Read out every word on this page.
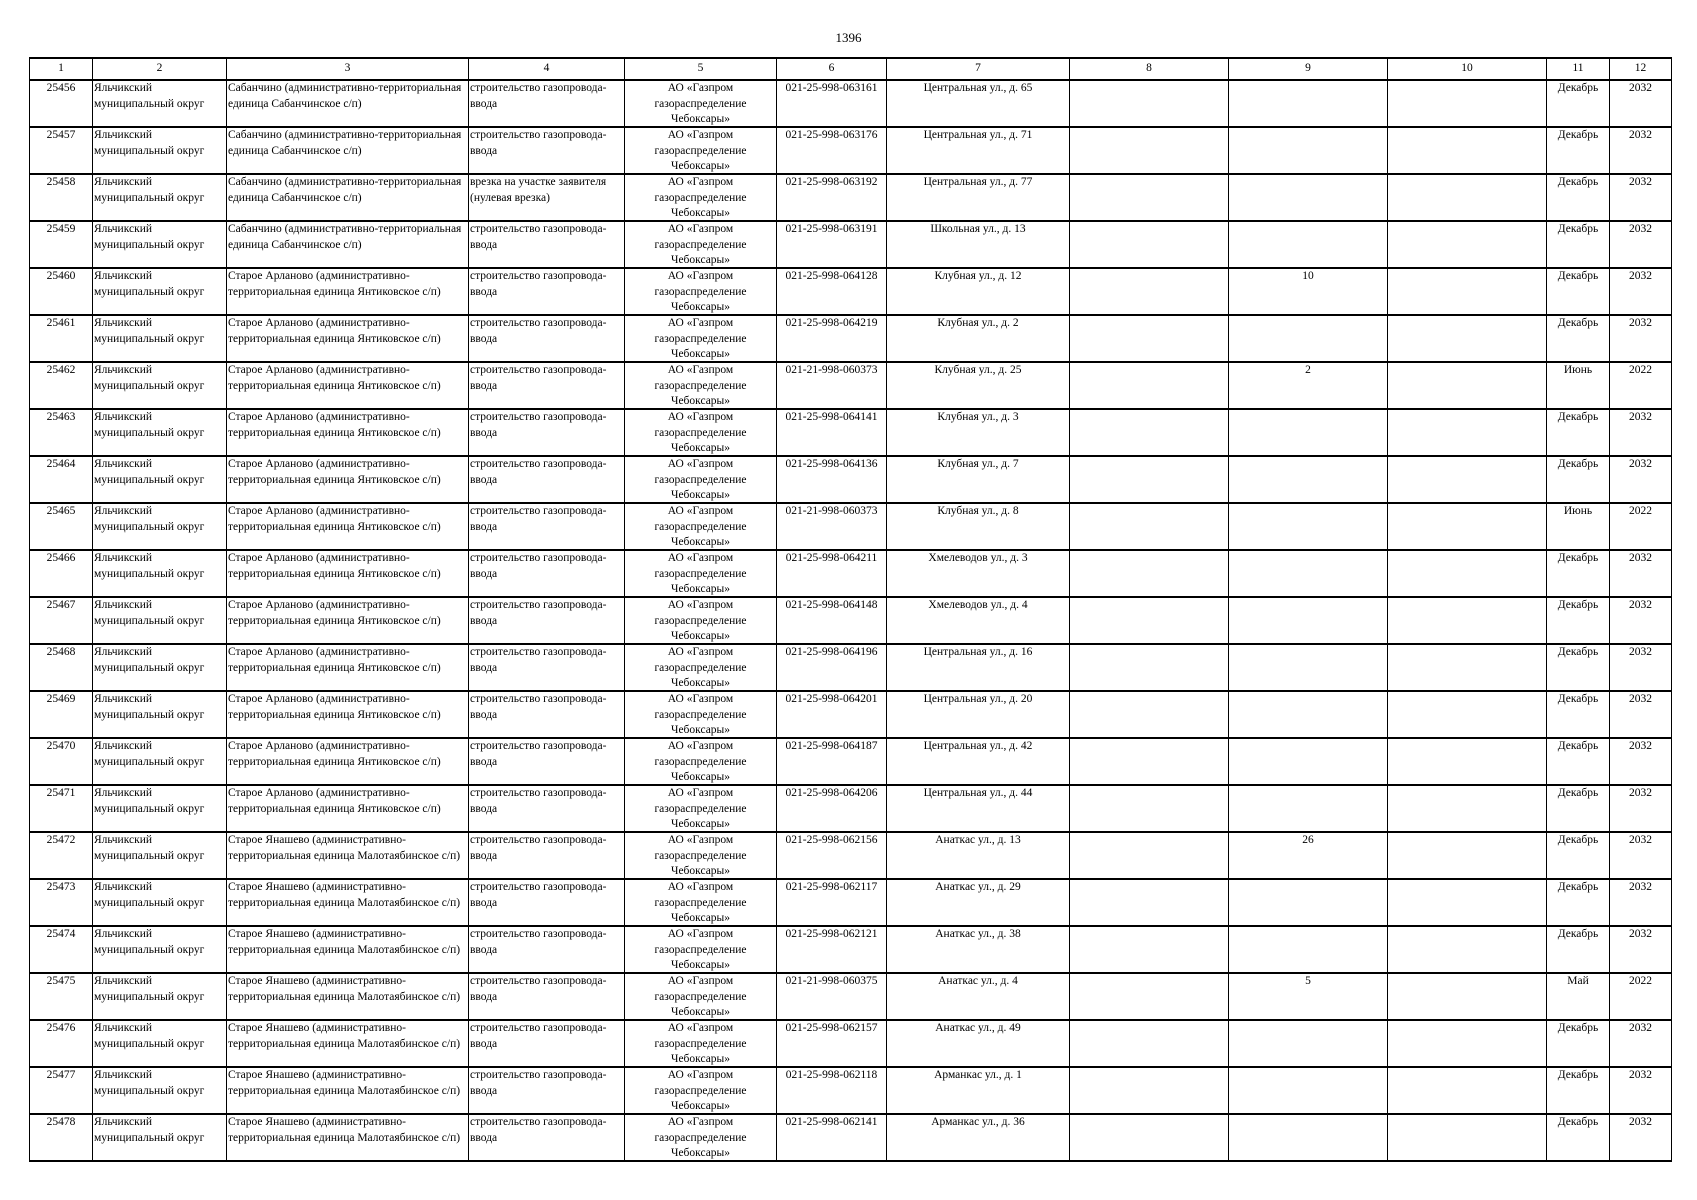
1396
1	2	3	4	5	6	7	8	9	10	11	12

25456	Яльчикский муниципальный округ	Сабанчино (административно-территориальная единица Сабанчинское с/п)	строительство газопровода-ввода	АО «Газпром газораспределение Чебоксары»	021-25-998-063161	Центральная ул., д. 65				Декабрь	2032

25457	Яльчикский муниципальный округ	Сабанчино (административно-территориальная единица Сабанчинское с/п)	строительство газопровода-ввода	АО «Газпром газораспределение Чебоксары»	021-25-998-063176	Центральная ул., д. 71				Декабрь	2032

25458	Яльчикский муниципальный округ	Сабанчино (административно-территориальная единица Сабанчинское с/п)	врезка на участке заявителя (нулевая врезка)	АО «Газпром газораспределение Чебоксары»	021-25-998-063192	Центральная ул., д. 77				Декабрь	2032

25459	Яльчикский муниципальный округ	Сабанчино (административно-территориальная единица Сабанчинское с/п)	строительство газопровода-ввода	АО «Газпром газораспределение Чебоксары»	021-25-998-063191	Школьная ул., д. 13				Декабрь	2032

25460	Яльчикский муниципальный округ	Старое Арланово (административно-территориальная единица Янтиковское с/п)	строительство газопровода-ввода	АО «Газпром газораспределение Чебоксары»	021-25-998-064128	Клубная ул., д. 12		10		Декабрь	2032

25461	Яльчикский муниципальный округ	Старое Арланово (административно-территориальная единица Янтиковское с/п)	строительство газопровода-ввода	АО «Газпром газораспределение Чебоксары»	021-25-998-064219	Клубная ул., д. 2				Декабрь	2032

25462	Яльчикский муниципальный округ	Старое Арланово (административно-территориальная единица Янтиковское с/п)	строительство газопровода-ввода	АО «Газпром газораспределение Чебоксары»	021-21-998-060373	Клубная ул., д. 25		2		Июнь	2022

25463	Яльчикский муниципальный округ	Старое Арланово (административно-территориальная единица Янтиковское с/п)	строительство газопровода-ввода	АО «Газпром газораспределение Чебоксары»	021-25-998-064141	Клубная ул., д. 3				Декабрь	2032

25464	Яльчикский муниципальный округ	Старое Арланово (административно-территориальная единица Янтиковское с/п)	строительство газопровода-ввода	АО «Газпром газораспределение Чебоксары»	021-25-998-064136	Клубная ул., д. 7				Декабрь	2032

25465	Яльчикский муниципальный округ	Старое Арланово (административно-территориальная единица Янтиковское с/п)	строительство газопровода-ввода	АО «Газпром газораспределение Чебоксары»	021-21-998-060373	Клубная ул., д. 8				Июнь	2022

25466	Яльчикский муниципальный округ	Старое Арланово (административно-территориальная единица Янтиковское с/п)	строительство газопровода-ввода	АО «Газпром газораспределение Чебоксары»	021-25-998-064211	Хмелеводов ул., д. 3				Декабрь	2032

25467	Яльчикский муниципальный округ	Старое Арланово (административно-территориальная единица Янтиковское с/п)	строительство газопровода-ввода	АО «Газпром газораспределение Чебоксары»	021-25-998-064148	Хмелеводов ул., д. 4				Декабрь	2032

25468	Яльчикский муниципальный округ	Старое Арланово (административно-территориальная единица Янтиковское с/п)	строительство газопровода-ввода	АО «Газпром газораспределение Чебоксары»	021-25-998-064196	Центральная ул., д. 16				Декабрь	2032

25469	Яльчикский муниципальный округ	Старое Арланово (административно-территориальная единица Янтиковское с/п)	строительство газопровода-ввода	АО «Газпром газораспределение Чебоксары»	021-25-998-064201	Центральная ул., д. 20				Декабрь	2032

25470	Яльчикский муниципальный округ	Старое Арланово (административно-территориальная единица Янтиковское с/п)	строительство газопровода-ввода	АО «Газпром газораспределение Чебоксары»	021-25-998-064187	Центральная ул., д. 42				Декабрь	2032

25471	Яльчикский муниципальный округ	Старое Арланово (административно-территориальная единица Янтиковское с/п)	строительство газопровода-ввода	АО «Газпром газораспределение Чебоксары»	021-25-998-064206	Центральная ул., д. 44				Декабрь	2032

25472	Яльчикский муниципальный округ	Старое Янашево (административно-территориальная единица Малотаябинское с/п)	строительство газопровода-ввода	АО «Газпром газораспределение Чебоксары»	021-25-998-062156	Анаткас ул., д. 13		26		Декабрь	2032

25473	Яльчикский муниципальный округ	Старое Янашево (административно-территориальная единица Малотаябинское с/п)	строительство газопровода-ввода	АО «Газпром газораспределение Чебоксары»	021-25-998-062117	Анаткас ул., д. 29				Декабрь	2032

25474	Яльчикский муниципальный округ	Старое Янашево (административно-территориальная единица Малотаябинское с/п)	строительство газопровода-ввода	АО «Газпром газораспределение Чебоксары»	021-25-998-062121	Анаткас ул., д. 38				Декабрь	2032

25475	Яльчикский муниципальный округ	Старое Янашево (административно-территориальная единица Малотаябинское с/п)	строительство газопровода-ввода	АО «Газпром газораспределение Чебоксары»	021-21-998-060375	Анаткас ул., д. 4		5		Май	2022

25476	Яльчикский муниципальный округ	Старое Янашево (административно-территориальная единица Малотаябинское с/п)	строительство газопровода-ввода	АО «Газпром газораспределение Чебоксары»	021-25-998-062157	Анаткас ул., д. 49				Декабрь	2032

25477	Яльчикский муниципальный округ	Старое Янашево (административно-территориальная единица Малотаябинское с/п)	строительство газопровода-ввода	АО «Газпром газораспределение Чебоксары»	021-25-998-062118	Арманкас ул., д. 1				Декабрь	2032

25478	Яльчикский муниципальный округ	Старое Янашево (административно-территориальная единица Малотаябинское с/п)	строительство газопровода-ввода	АО «Газпром газораспределение Чебоксары»	021-25-998-062141	Арманкас ул., д. 36				Декабрь	2032
